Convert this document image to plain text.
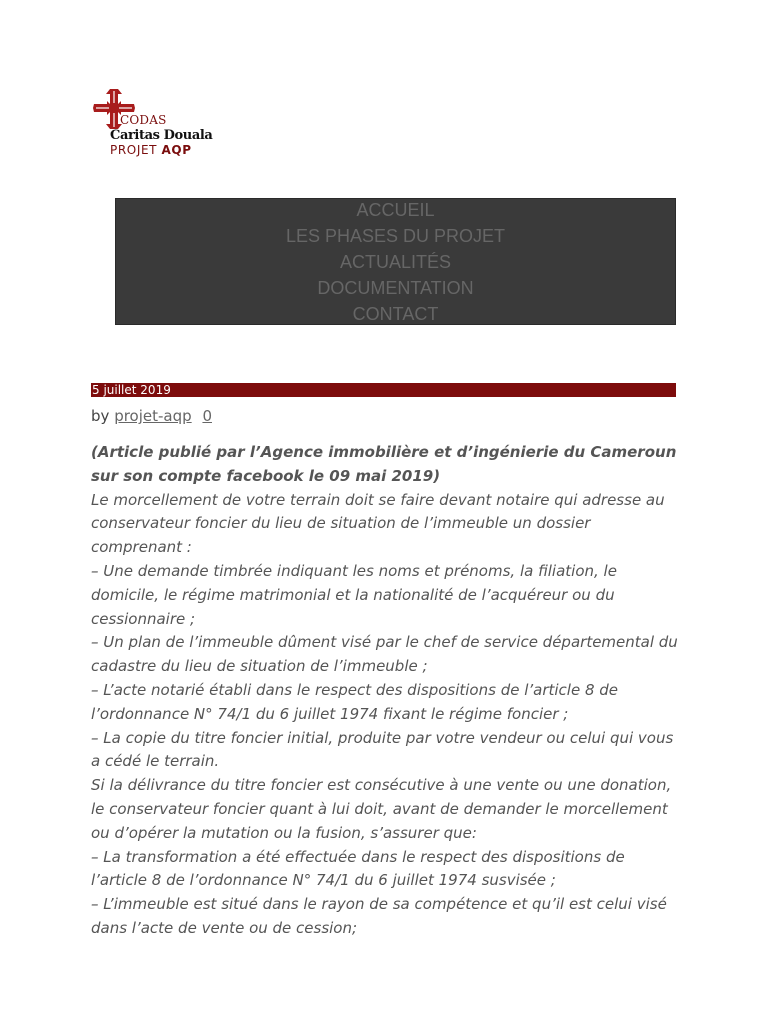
CODAS
Caritas Douala
PROJET AQP
ACCUEIL
LES PHASES DU PROJET
ACTUALITÉS
DOCUMENTATION
CONTACT
5 juillet 2019
by projet-aqp 0

(Article publié par l’Agence immobilière et d’ingénierie du Cameroun sur son compte facebook le 09 mai 2019)

Le morcellement de votre terrain doit se faire devant notaire qui adresse au conservateur foncier du lieu de situation de l’immeuble un dossier comprenant :

– Une demande timbrée indiquant les noms et prénoms, la filiation, le domicile, le régime matrimonial et la nationalité de l’acquéreur ou du cessionnaire ;

– Un plan de l’immeuble dûment visé par le chef de service départemental du cadastre du lieu de situation de l’immeuble ;

– L’acte notarié établi dans le respect des dispositions de l’article 8 de l’ordonnance N° 74/1 du 6 juillet 1974 fixant le régime foncier ;

– La copie du titre foncier initial, produite par votre vendeur ou celui qui vous a cédé le terrain.

Si la délivrance du titre foncier est consécutive à une vente ou une donation, le conservateur foncier quant à lui doit, avant de demander le morcellement ou d’opérer la mutation ou la fusion, s’assurer que:

– La transformation a été effectuée dans le respect des dispositions de l’article 8 de l’ordonnance N° 74/1 du 6 juillet 1974 susvisée ;

– L’immeuble est situé dans le rayon de sa compétence et qu’il est celui visé dans l’acte de vente ou de cession;
